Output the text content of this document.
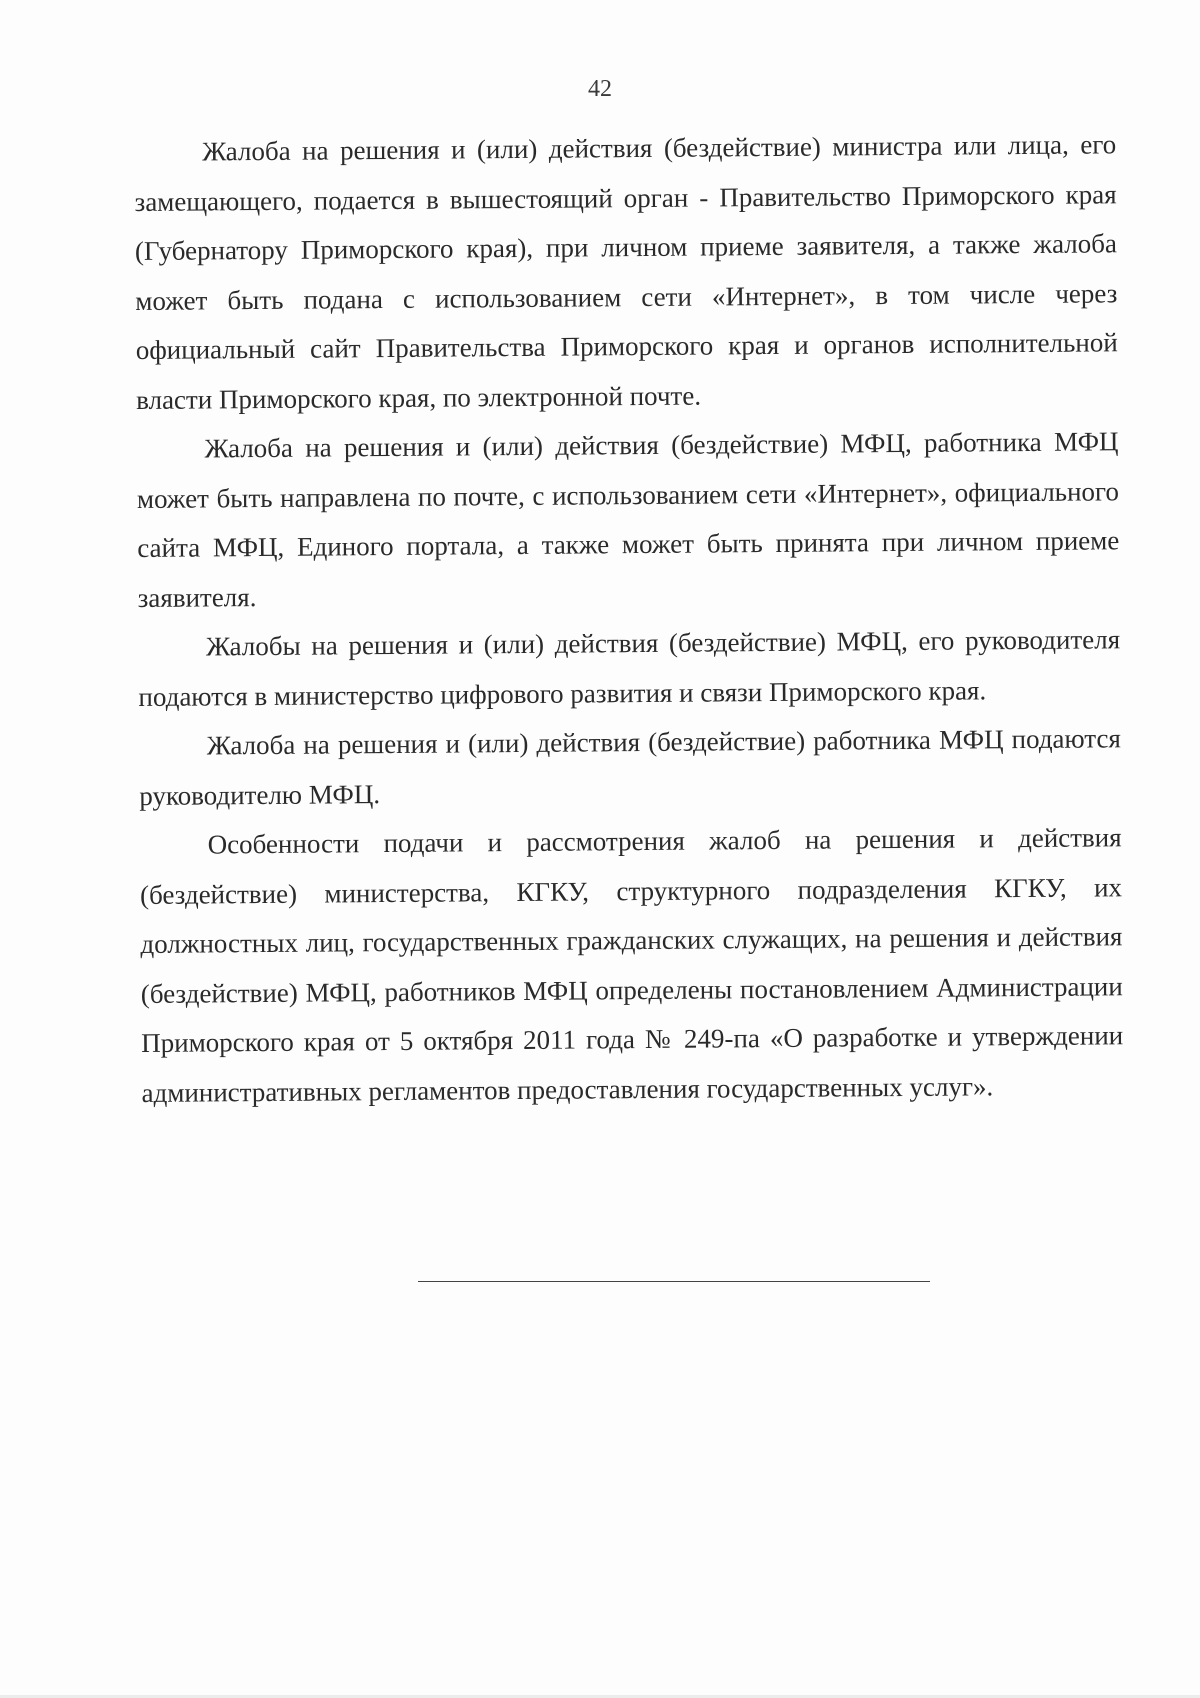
42

Жалоба на решения и (или) действия (бездействие) министра или лица, его замещающего, подается в вышестоящий орган - Правительство Приморского края (Губернатору Приморского края), при личном приеме заявителя, а также жалоба может быть подана с использованием сети «Интернет», в том числе через официальный сайт Правительства Приморского края и органов исполнительной власти Приморского края, по электронной почте.

Жалоба на решения и (или) действия (бездействие) МФЦ, работника МФЦ может быть направлена по почте, с использованием сети «Интернет», официального сайта МФЦ, Единого портала, а также может быть принята при личном приеме заявителя.

Жалобы на решения и (или) действия (бездействие) МФЦ, его руководителя подаются в министерство цифрового развития и связи Приморского края.

Жалоба на решения и (или) действия (бездействие) работника МФЦ подаются руководителю МФЦ.

Особенности подачи и рассмотрения жалоб на решения и действия (бездействие) министерства, КГКУ, структурного подразделения КГКУ, их должностных лиц, государственных гражданских служащих, на решения и действия (бездействие) МФЦ, работников МФЦ определены постановлением Администрации Приморского края от 5 октября 2011 года № 249-па «О разработке и утверждении административных регламентов предоставления государственных услуг».
